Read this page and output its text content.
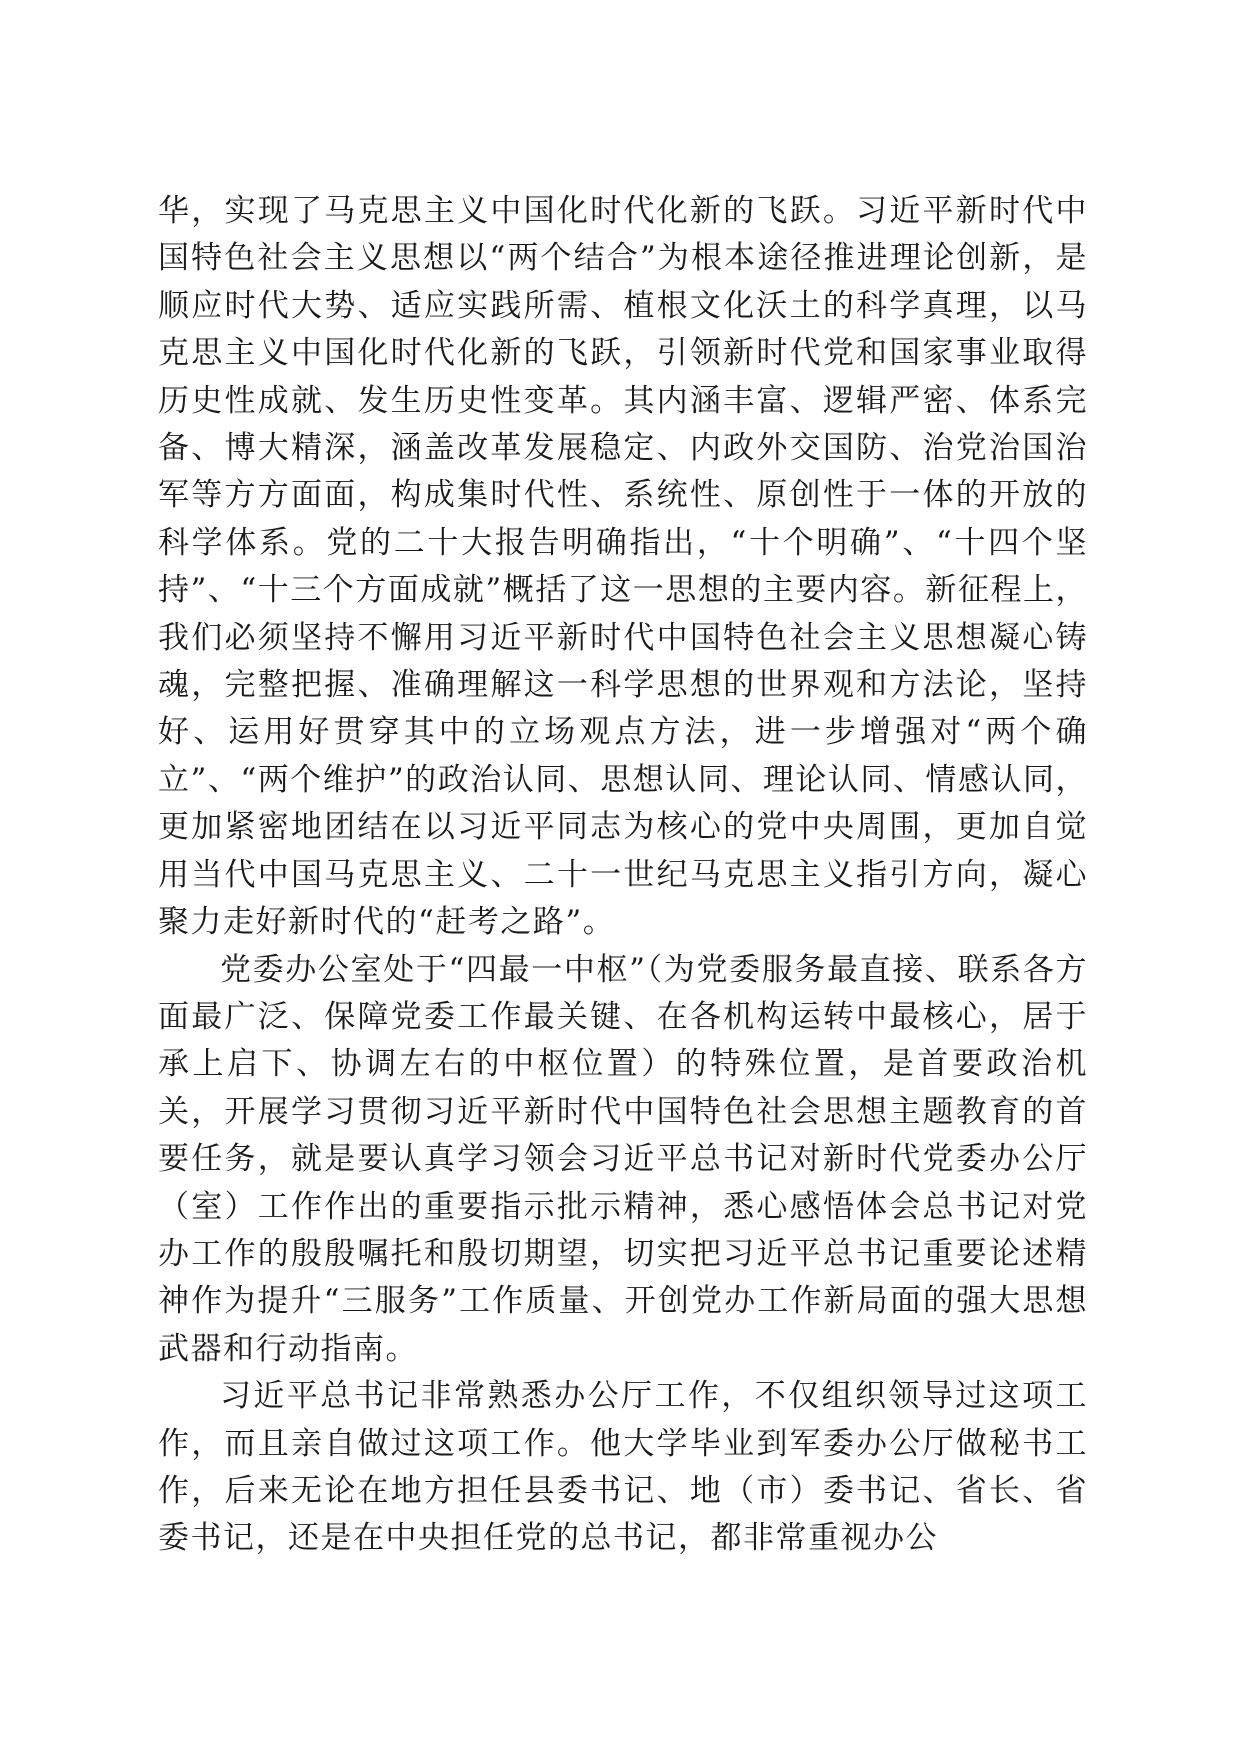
华，实现了马克思主义中国化时代化新的飞跃。习近平新时代中国特色社会主义思想以“两个结合”为根本途径推进理论创新，是顺应时代大势、适应实践所需、植根文化沃土的科学真理，以马克思主义中国化时代化新的飞跃，引领新时代党和国家事业取得历史性成就、发生历史性变革。其内涵丰富、逻辑严密、体系完备、博大精深，涵盖改革发展稳定、内政外交国防、治党治国治军等方方面面，构成集时代性、系统性、原创性于一体的开放的科学体系。党的二十大报告明确指出，“十个明确”、“十四个坚持”、“十三个方面成就”概括了这一思想的主要内容。新征程上，我们必须坚持不懈用习近平新时代中国特色社会主义思想凝心铸魂，完整把握、准确理解这一科学思想的世界观和方法论，坚持好、运用好贯穿其中的立场观点方法，进一步增强对“两个确立”、“两个维护”的政治认同、思想认同、理论认同、情感认同，更加紧密地团结在以习近平同志为核心的党中央周围，更加自觉用当代中国马克思主义、二十一世纪马克思主义指引方向，凝心聚力走好新时代的“赶考之路”。

党委办公室处于“四最一中枢”（为党委服务最直接、联系各方面最广泛、保障党委工作最关键、在各机构运转中最核心，居于承上启下、协调左右的中枢位置）的特殊位置，是首要政治机关，开展学习贯彻习近平新时代中国特色社会思想主题教育的首要任务，就是要认真学习领会习近平总书记对新时代党委办公厅（室）工作作出的重要指示批示精神，悉心感悟体会总书记对党办工作的殷殷嘱托和殷切期望，切实把习近平总书记重要论述精神作为提升“三服务”工作质量、开创党办工作新局面的强大思想武器和行动指南。

习近平总书记非常熟悉办公厅工作，不仅组织领导过这项工作，而且亲自做过这项工作。他大学毕业到军委办公厅做秘书工作，后来无论在地方担任县委书记、地（市）委书记、省长、省委书记，还是在中央担任党的总书记，都非常重视办公
